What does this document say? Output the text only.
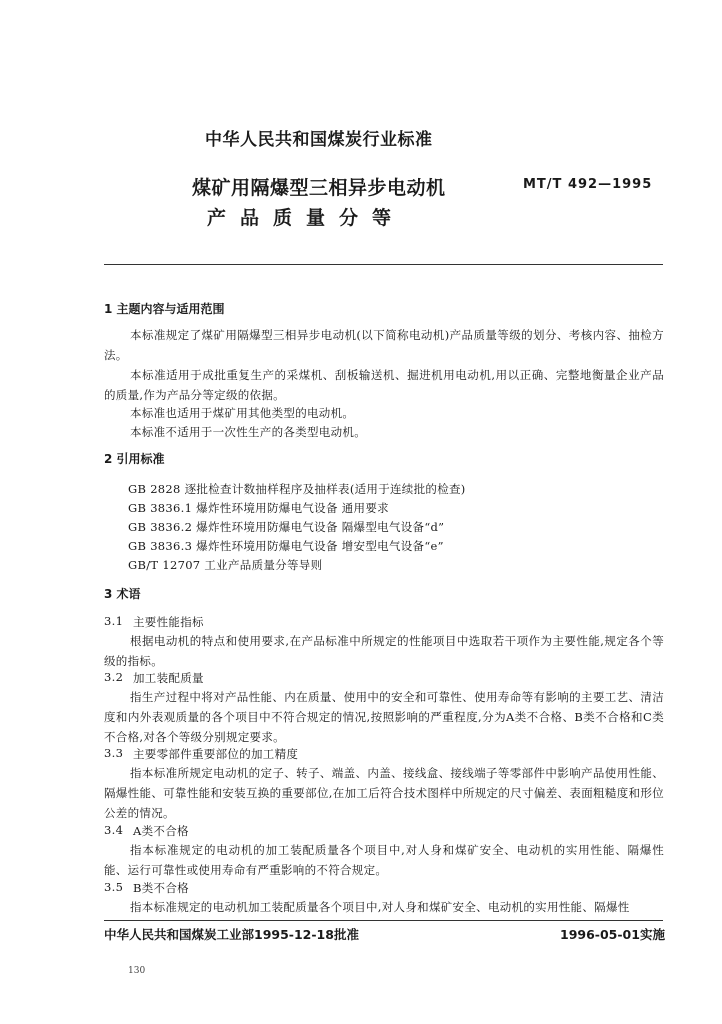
中华人民共和国煤炭行业标准
煤矿用隔爆型三相异步电动机
产品质量分等
MT/T 492—1995
1 主题内容与适用范围
本标准规定了煤矿用隔爆型三相异步电动机(以下简称电动机)产品质量等级的划分、考核内容、抽检方法。
本标准适用于成批重复生产的采煤机、刮板输送机、掘进机用电动机,用以正确、完整地衡量企业产品的质量,作为产品分等定级的依据。
本标准也适用于煤矿用其他类型的电动机。
本标准不适用于一次性生产的各类型电动机。
2 引用标准
GB 2828 逐批检查计数抽样程序及抽样表(适用于连续批的检查)
GB 3836.1 爆炸性环境用防爆电气设备 通用要求
GB 3836.2 爆炸性环境用防爆电气设备 隔爆型电气设备“d”
GB 3836.3 爆炸性环境用防爆电气设备 增安型电气设备“e”
GB/T 12707 工业产品质量分等导则
3 术语
3.1 主要性能指标
根据电动机的特点和使用要求,在产品标准中所规定的性能项目中选取若干项作为主要性能,规定各个等级的指标。
3.2 加工装配质量
指生产过程中将对产品性能、内在质量、使用中的安全和可靠性、使用寿命等有影响的主要工艺、清洁度和内外表观质量的各个项目中不符合规定的情况,按照影响的严重程度,分为A类不合格、B类不合格和C类不合格,对各个等级分别规定要求。
3.3 主要零部件重要部位的加工精度
指本标准所规定电动机的定子、转子、端盖、内盖、接线盒、接线端子等零部件中影响产品使用性能、隔爆性能、可靠性能和安装互换的重要部位,在加工后符合技术图样中所规定的尺寸偏差、表面粗糙度和形位公差的情况。
3.4 A类不合格
指本标准规定的电动机的加工装配质量各个项目中,对人身和煤矿安全、电动机的实用性能、隔爆性能、运行可靠性或使用寿命有严重影响的不符合规定。
3.5 B类不合格
指本标准规定的电动机加工装配质量各个项目中,对人身和煤矿安全、电动机的实用性能、隔爆性
中华人民共和国煤炭工业部1995-12-18批准	1996-05-01实施
130
